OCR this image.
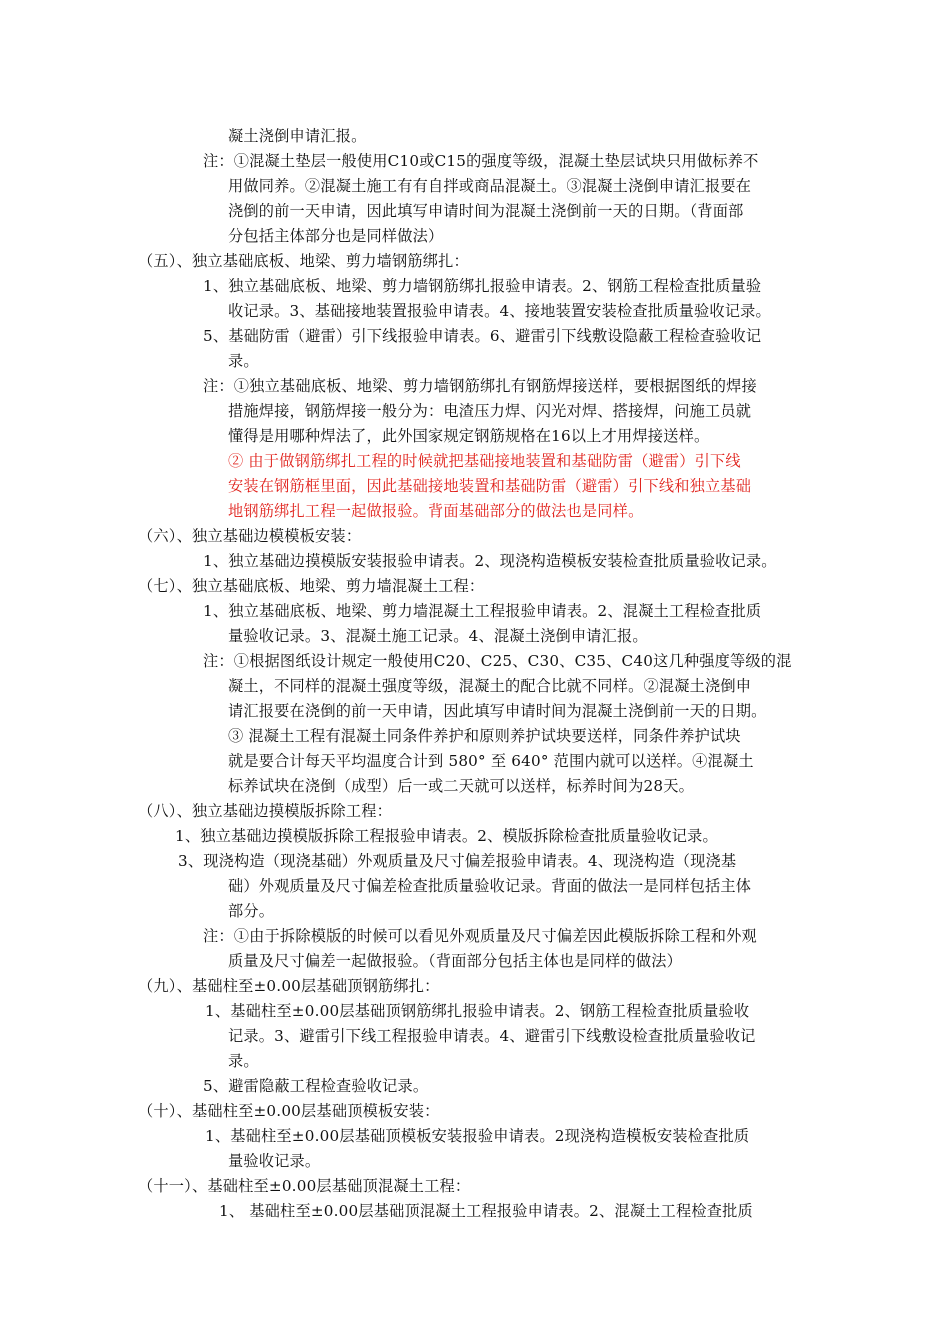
凝土浇倒申请汇报。
注：①混凝土垫层一般使用C10或C15的强度等级，混凝土垫层试块只用做标养不
用做同养。②混凝土施工有有自拌或商品混凝土。③混凝土浇倒申请汇报要在
浇倒的前一天申请，因此填写申请时间为混凝土浇倒前一天的日期。（背面部
分包括主体部分也是同样做法）
（五）、独立基础底板、地梁、剪力墙钢筋绑扎：
1、独立基础底板、地梁、剪力墙钢筋绑扎报验申请表。2、钢筋工程检查批质量验
收记录。3、基础接地装置报验申请表。4、接地装置安装检查批质量验收记录。
5、基础防雷（避雷）引下线报验申请表。6、避雷引下线敷设隐蔽工程检查验收记
录。
注：①独立基础底板、地梁、剪力墙钢筋绑扎有钢筋焊接送样，要根据图纸的焊接
措施焊接，钢筋焊接一般分为：电渣压力焊、闪光对焊、搭接焊，问施工员就
懂得是用哪种焊法了，此外国家规定钢筋规格在16以上才用焊接送样。
② 由于做钢筋绑扎工程的时候就把基础接地装置和基础防雷（避雷）引下线
安装在钢筋框里面，因此基础接地装置和基础防雷（避雷）引下线和独立基础
地钢筋绑扎工程一起做报验。背面基础部分的做法也是同样。
（六）、独立基础边模模板安装：
1、独立基础边摸模版安装报验申请表。2、现浇构造模板安装检查批质量验收记录。
（七）、独立基础底板、地梁、剪力墙混凝土工程：
1、独立基础底板、地梁、剪力墙混凝土工程报验申请表。2、混凝土工程检查批质
量验收记录。3、混凝土施工记录。4、混凝土浇倒申请汇报。
注：①根据图纸设计规定一般使用C20、C25、C30、C35、C40这几种强度等级的混
凝土，不同样的混凝土强度等级，混凝土的配合比就不同样。②混凝土浇倒申
请汇报要在浇倒的前一天申请，因此填写申请时间为混凝土浇倒前一天的日期。
③ 混凝土工程有混凝土同条件养护和原则养护试块要送样，同条件养护试块
就是要合计每天平均温度合计到 580° 至 640° 范围内就可以送样。④混凝土
标养试块在浇倒（成型）后一或二天就可以送样，标养时间为28天。
（八）、独立基础边摸模版拆除工程：
1、独立基础边摸模版拆除工程报验申请表。2、模版拆除检查批质量验收记录。
3、现浇构造（现浇基础）外观质量及尺寸偏差报验申请表。4、现浇构造（现浇基
础）外观质量及尺寸偏差检查批质量验收记录。背面的做法一是同样包括主体
部分。
注：①由于拆除模版的时候可以看见外观质量及尺寸偏差因此模版拆除工程和外观
质量及尺寸偏差一起做报验。（背面部分包括主体也是同样的做法）
（九）、基础柱至±0.00层基础顶钢筋绑扎：
1、基础柱至±0.00层基础顶钢筋绑扎报验申请表。2、钢筋工程检查批质量验收
记录。3、避雷引下线工程报验申请表。4、避雷引下线敷设检查批质量验收记
录。
5、避雷隐蔽工程检查验收记录。
（十）、基础柱至±0.00层基础顶模板安装：
1、基础柱至±0.00层基础顶模板安装报验申请表。2现浇构造模板安装检查批质
量验收记录。
（十一）、基础柱至±0.00层基础顶混凝土工程：
1、 基础柱至±0.00层基础顶混凝土工程报验申请表。2、混凝土工程检查批质
